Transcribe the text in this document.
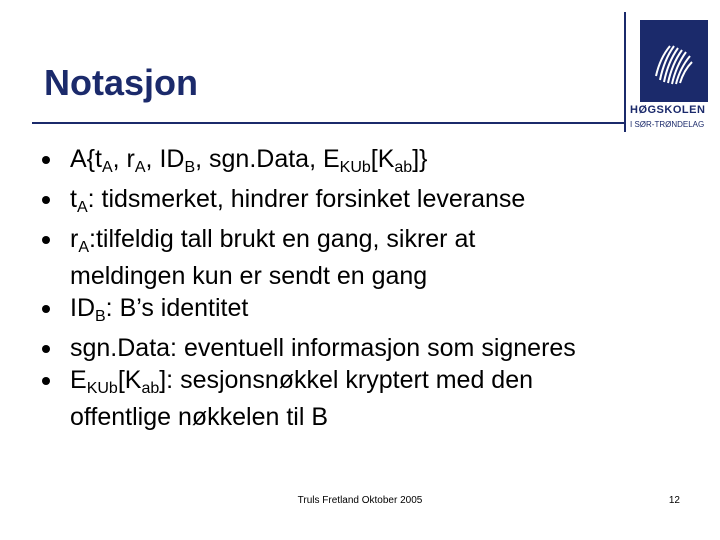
Notasjon
HØGSKOLEN
I SØR-TRØNDELAG
$A\{t_A$, $r_A$, $ID_B$, sgn.Data, $E_{KUb}[K_{ab}]$}
$t_A$: tidsmerket, hindrer forsinket leveranse
$r_A:tilfeldig$ tall brukt en gang, sikrer at
meldingen kun er sendt en gang
$ID_B$: B’s identitet
sgn.Data: eventuell informasjon som signeres
$E_{KUb}[K_{ab}]$: sesjonsnøkkel kryptert med den
offentlige nøkkelen til B
Truls Fretland Oktober 2005	12
